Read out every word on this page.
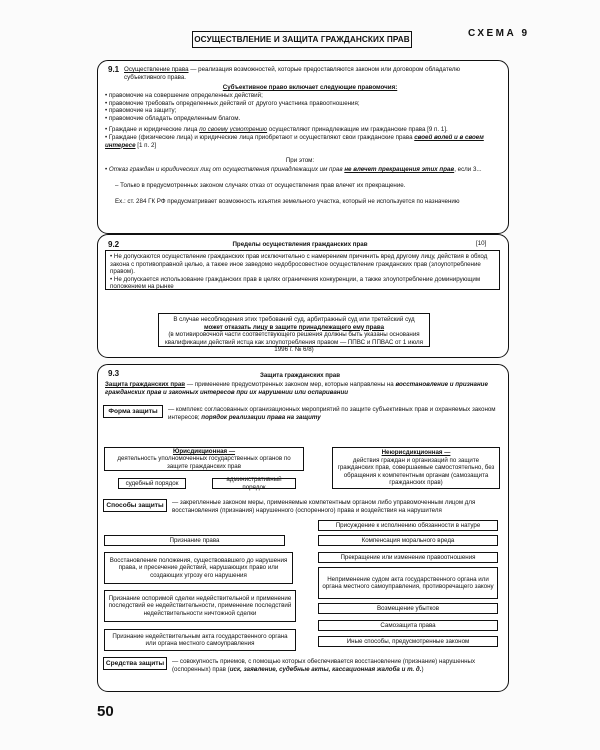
ОСУЩЕСТВЛЕНИЕ И ЗАЩИТА ГРАЖДАНСКИХ ПРАВ
СХЕМА 9
9.1 Осуществление права — реализация возможностей, которые предоставляются законом или договором обладателю субъективного права.
Субъективное право включает следующие правомочия:
• правомочие на совершение определенных действий;
• правомочие требовать определенных действий от другого участника правоотношения;
• правомочие на защиту;
• правомочие обладать определенным благом.
• Граждане и юридические лица по своему усмотрению осуществляют принадлежащие им гражданские права [9 п. 1].
• Граждане (физические лица) и юридические лица приобретают и осуществляют свои гражданские права своей волей и в своем интересе [1 п. 2]
При этом:
• Отказ граждан и юридических лиц от осуществления принадлежащих им прав не влечет прекращения этих прав, если 3...
– Только в предусмотренных законом случаях отказ от осуществления прав влечет их прекращение.
Ex.: ст. 284 ГК РФ предусматривает возможность изъятия земельного участка, который не используется по назначению
9.2	Пределы осуществления гражданских прав	[10]
• Не допускаются осуществление гражданских прав исключительно с намерением причинить вред другому лицу, действия в обход закона с противоправной целью, а также иное заведомо недобросовестное осуществление гражданских прав (злоупотребление правом).
• Не допускается использование гражданских прав в целях ограничения конкуренции, а также злоупотребление доминирующим положением на рынке
В случае несоблюдения этих требований суд, арбитражный суд или третейский суд
может отказать лицу в защите принадлежащего ему права
(в мотивировочной части соответствующего решения должны быть указаны основания квалификации действий истца как злоупотребления правом — ППВС и ППВАС от 1 июля 1996 г. № 6/8)
9.3	Защита гражданских прав
Защита гражданских прав — применение предусмотренных законом мер, которые направлены на восстановление и признание гражданских прав и законных интересов при их нарушении или оспаривании
Форма защиты	— комплекс согласованных организационных мероприятий по защите субъективных прав и охраняемых законом интересов; порядок реализации права на защиту
Юрисдикционная —
деятельность уполномоченных государственных органов по защите гражданских прав
судебный порядок
административный порядок
Неюрисдикционная —
действия граждан и организаций по защите гражданских прав, совершаемые самостоятельно, без обращения к компетентным органам (самозащита гражданских прав)
Способы защиты	— закрепленные законом меры, применяемые компетентным органом либо управомоченным лицом для восстановления (признания) нарушенного (оспоренного) права и воздействия на нарушителя
Признание права
Восстановление положения, существовавшего до нарушения права, и пресечение действий, нарушающих право или создающих угрозу его нарушения
Признание оспоримой сделки недействительной и применение последствий ее недействительности, применение последствий недействительности ничтожной сделки
Признание недействительным акта государственного органа или органа местного самоуправления
Присуждение к исполнению обязанности в натуре
Компенсация морального вреда
Прекращение или изменение правоотношения
Неприменение судом акта государственного органа или органа местного самоуправления, противоречащего закону
Возмещение убытков
Самозащита права
Иные способы, предусмотренные законом
Средства защиты	— совокупность приемов, с помощью которых обеспечивается восстановление (признание) нарушенных (оспоренных) прав (иск, заявление, судебные акты, кассационная жалоба и т. д.)
50
